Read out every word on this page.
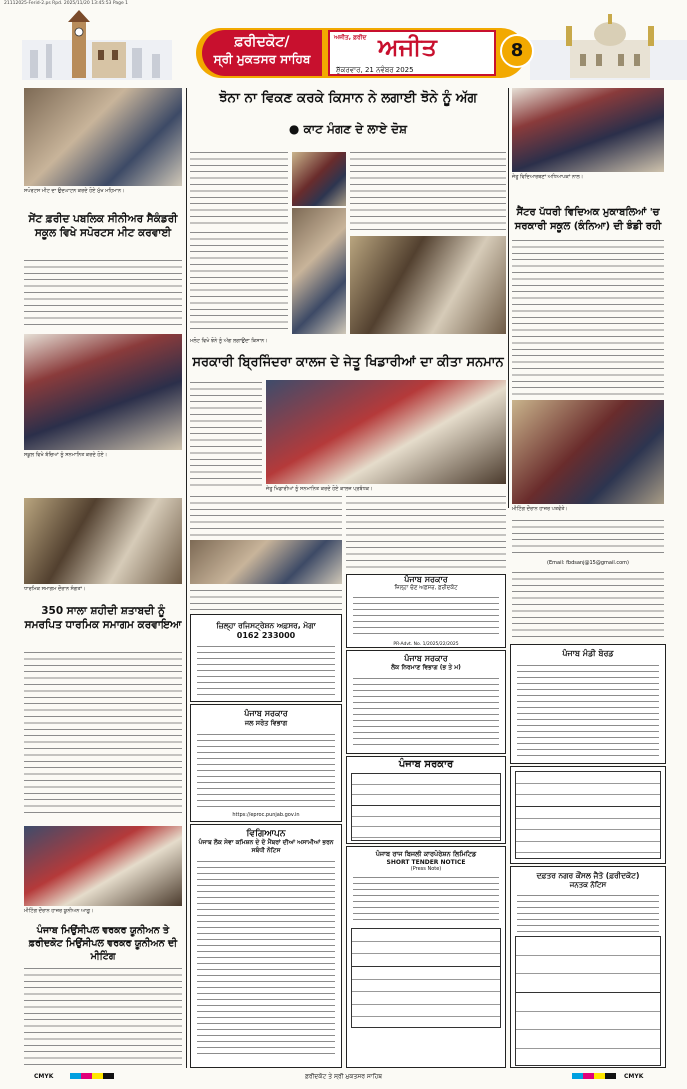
21112025-Ferid-2.ps Rpd. 2025/11/20 13:45:53 Page 1
ਫ਼ਰੀਦਕੋਟ/
ਸ੍ਰੀ ਮੁਕਤਸਰ ਸਾਹਿਬ
ਅਜੀਤ, ਫ਼ਰੀਦ ਅਜੀਤ
ਸ਼ੁੱਕਰਵਾਰ, 21 ਨਵੰਬਰ 2025
8
ਸਪੋਰਟਸ ਮੀਟ ਦਾ ਉਦਘਾਟਨ ਕਰਦੇ ਹੋਏ ਮੁੱਖ ਮਹਿਮਾਨ।
ਸੇਂਟ ਫ਼ਰੀਦ ਪਬਲਿਕ ਸੀਨੀਅਰ ਸੈਕੰਡਰੀ ਸਕੂਲ ਵਿਖੇ ਸਪੋਰਟਸ ਮੀਟ ਕਰਵਾਈ
ਸਕੂਲ ਵਿਖੇ ਬੱਚਿਆਂ ਨੂੰ ਸਨਮਾਨਿਤ ਕਰਦੇ ਹੋਏ।
ਧਾਰਮਿਕ ਸਮਾਗਮ ਦੌਰਾਨ ਸੰਗਤਾਂ।
350 ਸਾਲਾ ਸ਼ਹੀਦੀ ਸ਼ਤਾਬਦੀ ਨੂੰ ਸਮਰਪਿਤ ਧਾਰਮਿਕ ਸਮਾਗਮ ਕਰਵਾਇਆ
ਮੀਟਿੰਗ ਦੌਰਾਨ ਹਾਜ਼ਰ ਯੂਨੀਅਨ ਆਗੂ।
ਪੰਜਾਬ ਮਿਉਂਸੀਪਲ ਵਰਕਰ ਯੂਨੀਅਨ ਤੇ ਫ਼ਰੀਦਕੋਟ ਮਿਉਂਸੀਪਲ ਵਰਕਰ ਯੂਨੀਅਨ ਦੀ ਮੀਟਿੰਗ
ਝੋਨਾ ਨਾ ਵਿਕਣ ਕਰਕੇ ਕਿਸਾਨ ਨੇ ਲਗਾਈ ਝੋਨੇ ਨੂੰ ਅੱਗ
● ਕਾਟ ਮੰਗਣ ਦੇ ਲਾਏ ਦੋਸ਼
ਮਲੋਟ ਵਿਖੇ ਝੋਨੇ ਨੂੰ ਅੱਗ ਲਗਾਉਂਦਾ ਕਿਸਾਨ।
ਜੇਤੂ ਵਿਦਿਆਰਥਣਾਂ ਅਧਿਆਪਕਾਂ ਨਾਲ।
ਸੈਂਟਰ ਪੱਧਰੀ ਵਿਦਿਅਕ ਮੁਕਾਬਲਿਆਂ 'ਚ ਸਰਕਾਰੀ ਸਕੂਲ (ਕੰਨਿਆ) ਦੀ ਝੰਡੀ ਰਹੀ
ਸਰਕਾਰੀ ਬ੍ਰਿਜਿੰਦਰਾ ਕਾਲਜ ਦੇ ਜੇਤੂ ਖਿਡਾਰੀਆਂ ਦਾ ਕੀਤਾ ਸਨਮਾਨ
ਜੇਤੂ ਖਿਡਾਰੀਆਂ ਨੂੰ ਸਨਮਾਨਿਤ ਕਰਦੇ ਹੋਏ ਕਾਲਜ ਪ੍ਰਬੰਧਕ।
ਮੀਟਿੰਗ ਦੌਰਾਨ ਹਾਜ਼ਰ ਪਤਵੰਤੇ।
ਜ਼ਿਲ੍ਹਾ ਰਜਿਸਟ੍ਰੇਸ਼ਨ ਅਫ਼ਸਰ, ਮੋਗਾ
0162 233000
ਪੰਜਾਬ ਸਰਕਾਰ
ਜਲ ਸਰੋਤ ਵਿਭਾਗ
https://eproc.punjab.gov.in
ਵਿਗਿਆਪਨ
ਪੰਜਾਬ ਲੋਕ ਸੇਵਾ ਕਮਿਸ਼ਨ ਦੇ ਦੋ ਮੈਂਬਰਾਂ ਦੀਆਂ ਅਸਾਮੀਆਂ ਭਰਨ ਸਬੰਧੀ ਨੋਟਿਸ
ਪੰਜਾਬ ਸਰਕਾਰ
ਜ਼ਿਲ੍ਹਾ ਚੋਣ ਅਫ਼ਸਰ, ਫ਼ਰੀਦਕੋਟ
PR-Advt. No. 1/2025/22/2025
ਪੰਜਾਬ ਸਰਕਾਰ
ਲੋਕ ਨਿਰਮਾਣ ਵਿਭਾਗ (ਭ ਤੇ ਮ)
ਪੰਜਾਬ ਸਰਕਾਰ
ਪੰਜਾਬ ਰਾਜ ਬਿਜਲੀ ਕਾਰਪੋਰੇਸ਼ਨ ਲਿਮਿਟਿਡ
SHORT TENDER NOTICE
(Press Note)
(Email: fbdsanj@15@gmail.com)
ਪੰਜਾਬ ਮੰਡੀ ਬੋਰਡ
ਦਫ਼ਤਰ ਨਗਰ ਕੌਂਸਲ ਜੈਤੋ (ਫ਼ਰੀਦਕੋਟ)
ਜਨਤਕ ਨੋਟਿਸ
CMYK	ਫ਼ਰੀਦਕੋਟ ਤੇ ਸ੍ਰੀ ਮੁਕਤਸਰ ਸਾਹਿਬ	CMYK
